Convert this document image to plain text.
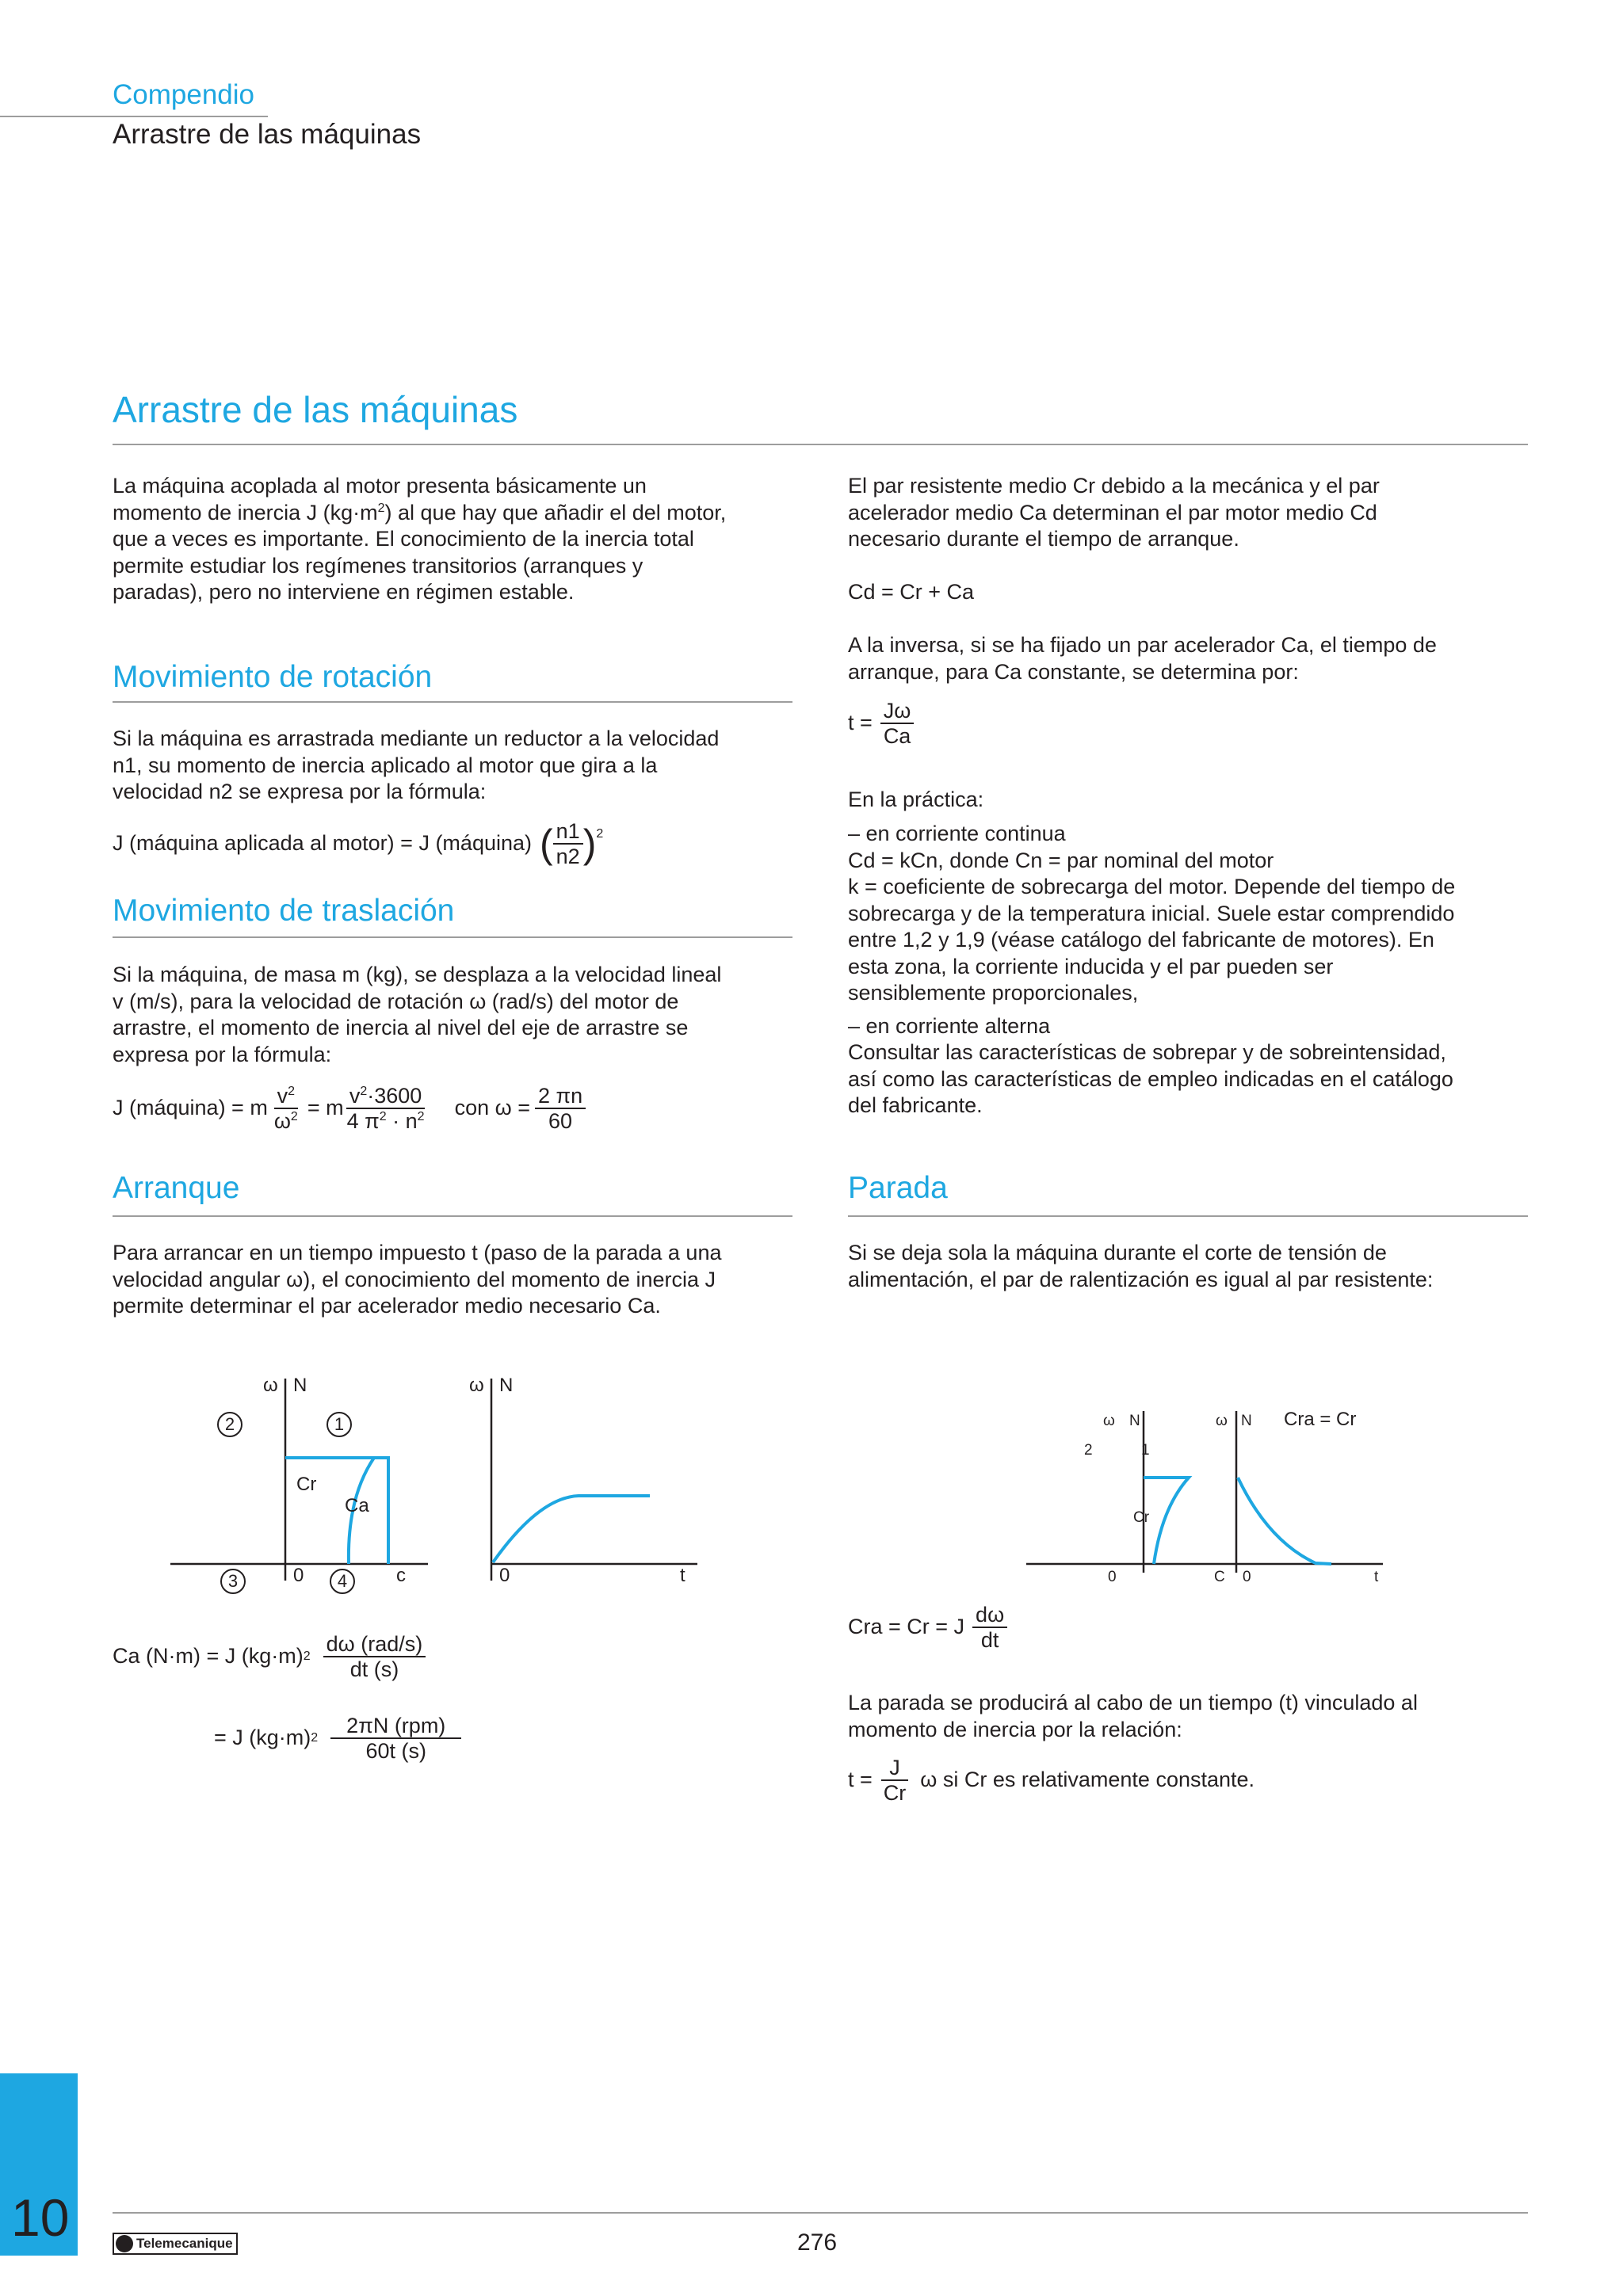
Compendio
Arrastre de las máquinas
Arrastre de las máquinas
La máquina acoplada al motor presenta básicamente un
momento de inercia J $(kg\cdot m^2)$ al que hay que añadir el del motor,
que a veces es importante. El conocimiento de la inercia total
permite estudiar los regímenes transitorios (arranques y
paradas), pero no interviene en régimen estable.
Movimiento de rotación
Si la máquina es arrastrada mediante un reductor a la velocidad
n1, su momento de inercia aplicado al motor que gira a la
velocidad n2 se expresa por la fórmula:
J (máquina aplicada al motor) = J (máquina) ( $\frac{n1}{n2}$ ) 2
Movimiento de traslación
Si la máquina, de masa m (kg), se desplaza a la velocidad lineal
v (m/s), para la velocidad de rotación ω (rad/s) del motor de
arrastre, el momento de inercia al nivel del eje de arrastre se
expresa por la fórmula:
J (máquina) = m $\frac{v^2}{\omega^2} = m \frac{v^2\cdot 3600}{4 \pi^2 \cdot n^2}$ con $\omega = \frac{2 \pi n}{60}$
Arranque
Para arrancar en un tiempo impuesto t (paso de la parada a una
velocidad angular ω), el conocimiento del momento de inercia J
permite determinar el par acelerador medio necesario Ca.
ω N
2	1
Cr
Ca
3	0	4	c
ω N
0	t
Ca (N·m) = J (kg·m) $2 \frac{\text{dω (rad/s)}}{dt (s)}$
= J (kg·m) $2 \frac{\text{2πN (rpm)}}{60t (s)}$
El par resistente medio Cr debido a la mecánica y el par
acelerador medio Ca determinan el par motor medio Cd
necesario durante el tiempo de arranque.
Cd = Cr + Ca
A la inversa, si se ha fijado un par acelerador Ca, el tiempo de
arranque, para Ca constante, se determina por:
$t = \frac{J\omega}{Ca}$
En la práctica:
– en corriente continua
Cd = kCn, donde Cn = par nominal del motor
k = coeficiente de sobrecarga del motor. Depende del tiempo de
sobrecarga y de la temperatura inicial. Suele estar comprendido
entre 1,2 y 1,9 (véase catálogo del fabricante de motores). En
esta zona, la corriente inducida y el par pueden ser
sensiblemente proporcionales,
– en corriente alterna
Consultar las características de sobrepar y de sobreintensidad,
así como las características de empleo indicadas en el catálogo
del fabricante.
Parada
Si se deja sola la máquina durante el corte de tensión de
alimentación, el par de ralentización es igual al par resistente:
ω N
2	1
Cr
0	C
ω N Cra = Cr
0	t
Cra = Cr = J $\frac{d\omega}{dt}$
La parada se producirá al cabo de un tiempo (t) vinculado al
momento de inercia por la relación:
$t = \frac{J}{Cr}$ ω si Cr es relativamente constante.
10	Telemecanique	276
